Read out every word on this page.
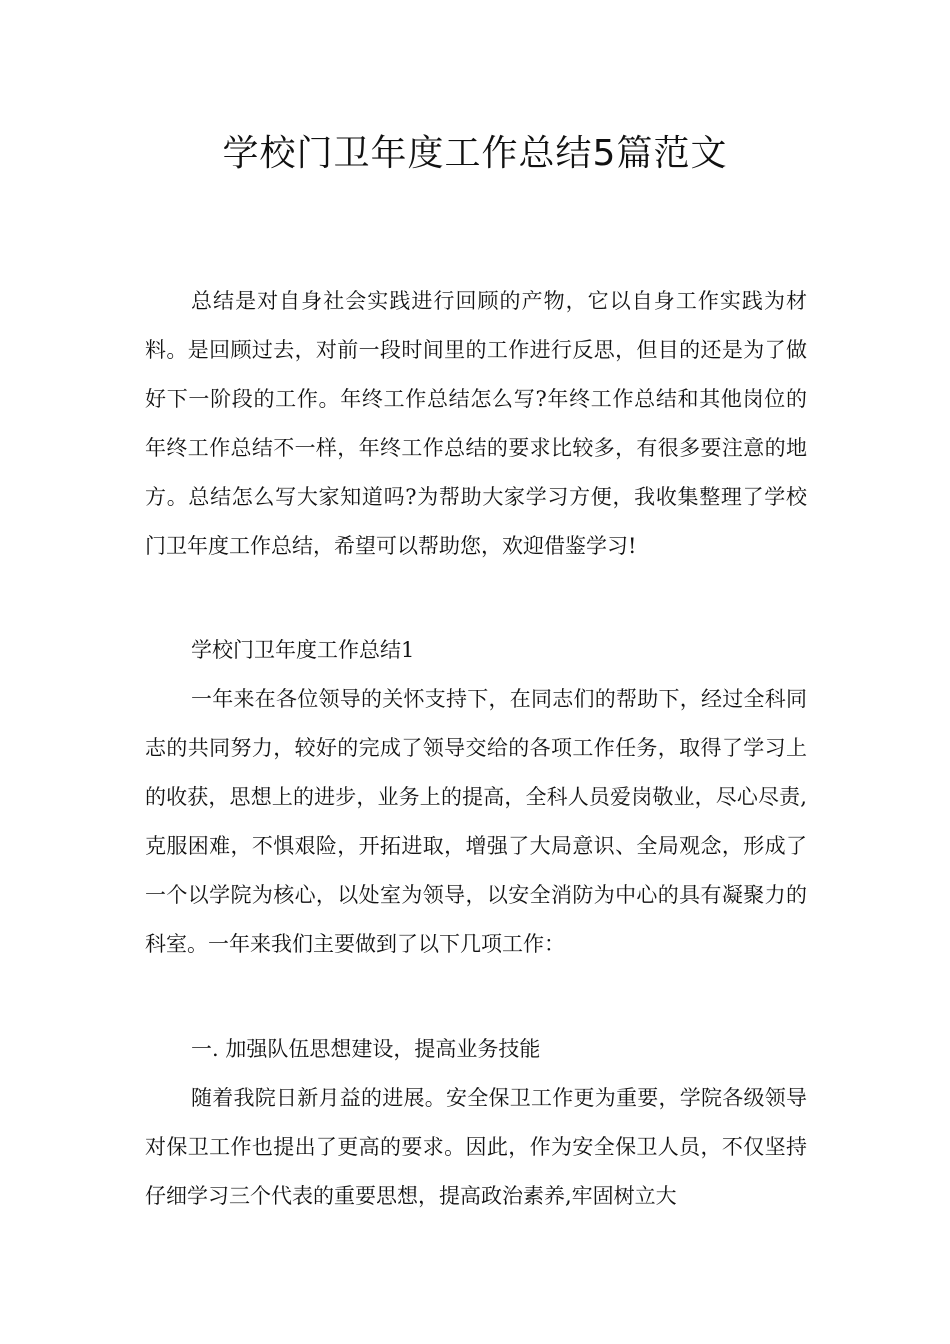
学校门卫年度工作总结5篇范文

总结是对自身社会实践进行回顾的产物，它以自身工作实践为材料。是回顾过去，对前一段时间里的工作进行反思，但目的还是为了做好下一阶段的工作。年终工作总结怎么写?年终工作总结和其他岗位的年终工作总结不一样，年终工作总结的要求比较多，有很多要注意的地方。总结怎么写大家知道吗?为帮助大家学习方便，我收集整理了学校门卫年度工作总结，希望可以帮助您，欢迎借鉴学习!

学校门卫年度工作总结1

一年来在各位领导的关怀支持下，在同志们的帮助下，经过全科同志的共同努力，较好的完成了领导交给的各项工作任务，取得了学习上的收获，思想上的进步，业务上的提高，全科人员爱岗敬业，尽心尽责,克服困难，不惧艰险，开拓进取，增强了大局意识、全局观念，形成了一个以学院为核心，以处室为领导，以安全消防为中心的具有凝聚力的科室。一年来我们主要做到了以下几项工作：

一. 加强队伍思想建设，提高业务技能

随着我院日新月益的进展。安全保卫工作更为重要，学院各级领导对保卫工作也提出了更高的要求。因此，作为安全保卫人员，不仅坚持仔细学习三个代表的重要思想，提高政治素养,牢固树立大
